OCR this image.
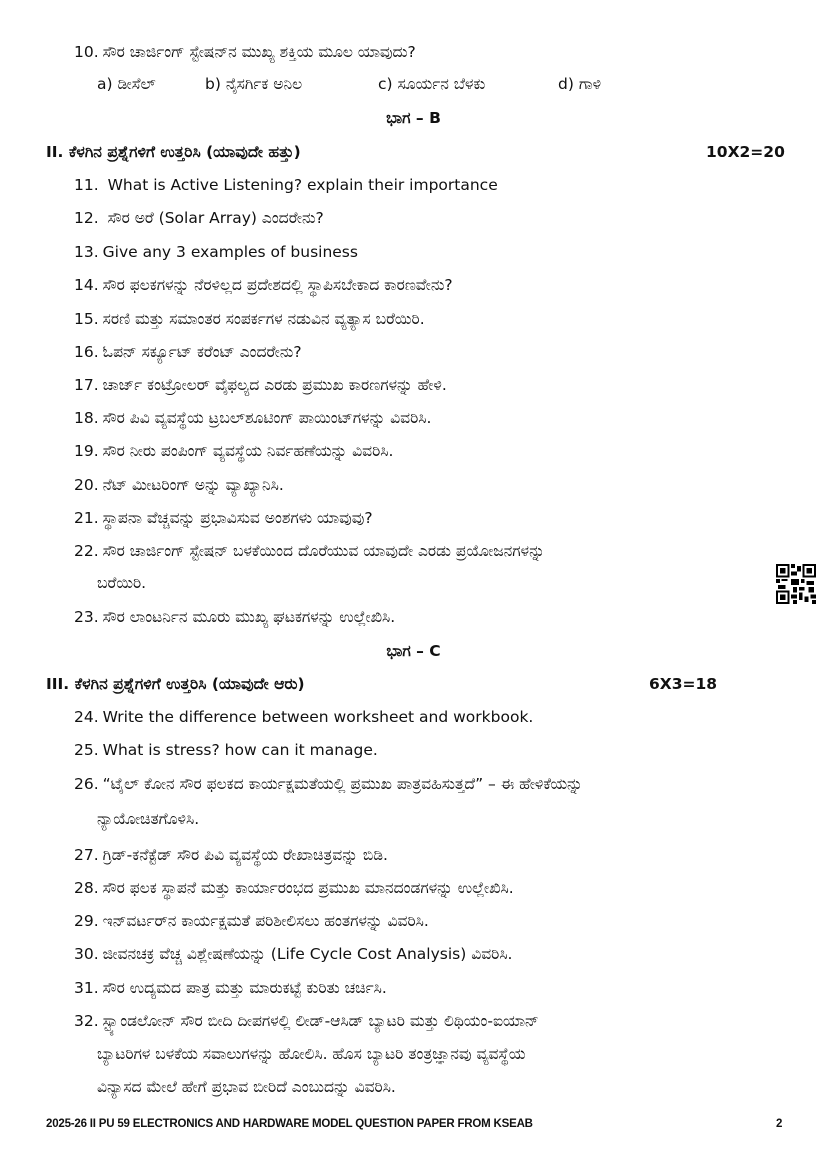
10. ಸೌರ ಚಾರ್ಜಿಂಗ್ ಸ್ಟೇಷನ್‌ನ ಮುಖ್ಯ ಶಕ್ತಿಯ ಮೂಲ ಯಾವುದು?
a) ಡೀಸೆಲ್	b) ನೈಸರ್ಗಿಕ ಅನಿಲ	c) ಸೂರ್ಯನ ಬೆಳಕು	d) ಗಾಳಿ
ಭಾಗ – B
II. ಕೆಳಗಿನ ಪ್ರಶ್ನೆಗಳಿಗೆ ಉತ್ತರಿಸಿ (ಯಾವುದೇ ಹತ್ತು)	10X2=20
11. What is Active Listening? explain their importance
12. ಸೌರ ಅರೆ (Solar Array) ಎಂದರೇನು?
13. Give any 3 examples of business
14. ಸೌರ ಫಲಕಗಳನ್ನು ನೆರಳಿಲ್ಲದ ಪ್ರದೇಶದಲ್ಲಿ ಸ್ಥಾಪಿಸಬೇಕಾದ ಕಾರಣವೇನು?
15. ಸರಣಿ ಮತ್ತು ಸಮಾಂತರ ಸಂಪರ್ಕಗಳ ನಡುವಿನ ವ್ಯತ್ಯಾಸ ಬರೆಯಿರಿ.
16. ಓಪನ್ ಸರ್ಕ್ಯೂಟ್ ಕರೆಂಟ್ ಎಂದರೇನು?
17. ಚಾರ್ಜ್ ಕಂಟ್ರೋಲರ್ ವೈಫಲ್ಯದ ಎರಡು ಪ್ರಮುಖ ಕಾರಣಗಳನ್ನು ಹೇಳಿ.
18. ಸೌರ ಪಿವಿ ವ್ಯವಸ್ಥೆಯ ಟ್ರಬಲ್‌ಶೂಟಿಂಗ್ ಪಾಯಿಂಟ್‌ಗಳನ್ನು ವಿವರಿಸಿ.
19. ಸೌರ ನೀರು ಪಂಪಿಂಗ್ ವ್ಯವಸ್ಥೆಯ ನಿರ್ವಹಣೆಯನ್ನು ವಿವರಿಸಿ.
20. ನೆಟ್ ಮೀಟರಿಂಗ್ ಅನ್ನು ವ್ಯಾಖ್ಯಾನಿಸಿ.
21. ಸ್ಥಾಪನಾ ವೆಚ್ಚವನ್ನು ಪ್ರಭಾವಿಸುವ ಅಂಶಗಳು ಯಾವುವು?
22. ಸೌರ ಚಾರ್ಜಿಂಗ್ ಸ್ಟೇಷನ್ ಬಳಕೆಯಿಂದ ದೊರೆಯುವ ಯಾವುದೇ ಎರಡು ಪ್ರಯೋಜನಗಳನ್ನು
ಬರೆಯಿರಿ.
23. ಸೌರ ಲಾಂಟರ್ನಿನ ಮೂರು ಮುಖ್ಯ ಘಟಕಗಳನ್ನು ಉಲ್ಲೇಖಿಸಿ.
ಭಾಗ – C
III. ಕೆಳಗಿನ ಪ್ರಶ್ನೆಗಳಿಗೆ ಉತ್ತರಿಸಿ (ಯಾವುದೇ ಆರು)	6X3=18
24. Write the difference between worksheet and workbook.
25. What is stress? how can it manage.
26. “ಟೈಲ್ ಕೋನ ಸೌರ ಫಲಕದ ಕಾರ್ಯಕ್ಷಮತೆಯಲ್ಲಿ ಪ್ರಮುಖ ಪಾತ್ರವಹಿಸುತ್ತದೆ” – ಈ ಹೇಳಿಕೆಯನ್ನು
ನ್ಯಾಯೋಚಿತಗೊಳಿಸಿ.
27. ಗ್ರಿಡ್-ಕನೆಕ್ಟೆಡ್ ಸೌರ ಪಿವಿ ವ್ಯವಸ್ಥೆಯ ರೇಖಾಚಿತ್ರವನ್ನು ಬಿಡಿ.
28. ಸೌರ ಫಲಕ ಸ್ಥಾಪನೆ ಮತ್ತು ಕಾರ್ಯಾರಂಭದ ಪ್ರಮುಖ ಮಾನದಂಡಗಳನ್ನು ಉಲ್ಲೇಖಿಸಿ.
29. ಇನ್‌ವರ್ಟರ್‌ನ ಕಾರ್ಯಕ್ಷಮತೆ ಪರಿಶೀಲಿಸಲು ಹಂತಗಳನ್ನು ವಿವರಿಸಿ.
30. ಜೀವನಚಕ್ರ ವೆಚ್ಚ ವಿಶ್ಲೇಷಣೆಯನ್ನು (Life Cycle Cost Analysis) ವಿವರಿಸಿ.
31. ಸೌರ ಉದ್ಯಮದ ಪಾತ್ರ ಮತ್ತು ಮಾರುಕಟ್ಟೆ ಕುರಿತು ಚರ್ಚಿಸಿ.
32. ಸ್ಟ್ಯಾಂಡಲೋನ್ ಸೌರ ಬೀದಿ ದೀಪಗಳಲ್ಲಿ ಲೀಡ್-ಆಸಿಡ್ ಬ್ಯಾಟರಿ ಮತ್ತು ಲಿಥಿಯಂ-ಐಯಾನ್
ಬ್ಯಾಟರಿಗಳ ಬಳಕೆಯ ಸವಾಲುಗಳನ್ನು ಹೋಲಿಸಿ. ಹೊಸ ಬ್ಯಾಟರಿ ತಂತ್ರಜ್ಞಾನವು ವ್ಯವಸ್ಥೆಯ
ವಿನ್ಯಾಸದ ಮೇಲೆ ಹೇಗೆ ಪ್ರಭಾವ ಬೀರಿದೆ ಎಂಬುದನ್ನು ವಿವರಿಸಿ.
2025-26 II PU 59 ELECTRONICS AND HARDWARE MODEL QUESTION PAPER FROM KSEAB	2
